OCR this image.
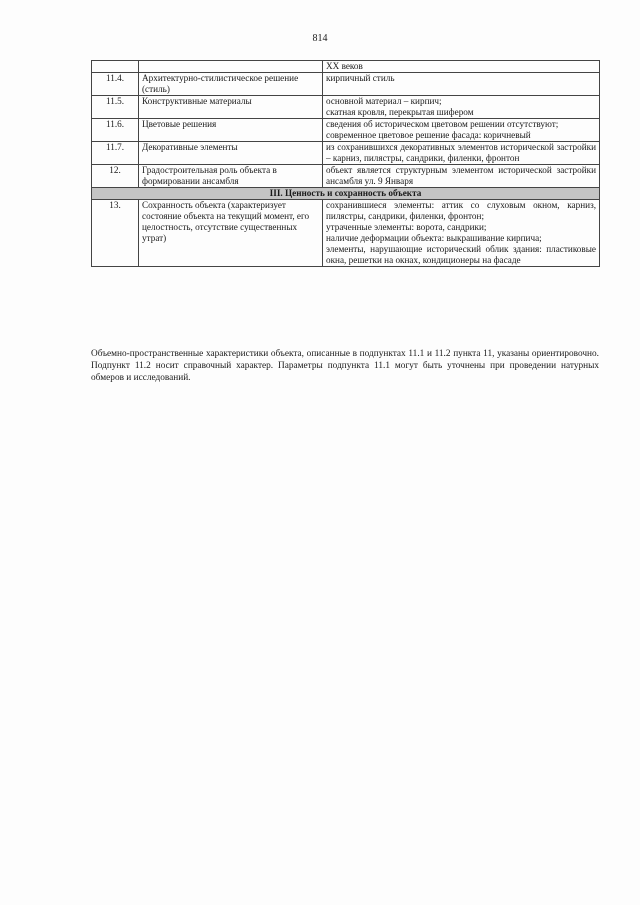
814
		XX веков
11.4.	Архитектурно-стилистическое решение (стиль)	кирпичный стиль

11.5.	Конструктивные материалы	основной материал – кирпич;
скатная кровля, перекрытая шифером

11.6.	Цветовые решения	сведения об историческом цветовом решении отсутствуют;
современное цветовое решение фасада: коричневый

11.7.	Декоративные элементы	из сохранившихся декоративных элементов исторической застройки – карниз, пилястры, сандрики, филенки, фронтон

12.	Градостроительная роль объекта в формировании ансамбля	объект является структурным элементом исторической застройки ансамбля ул. 9 Января

III. Ценность и сохранность объекта		
13.	Сохранность объекта (характеризует состояние объекта на текущий момент, его целостность, отсутствие существенных утрат)	сохранившиеся элементы: аттик со слуховым окном, карниз, пилястры, сандрики, филенки, фронтон;
утраченные элементы: ворота, сандрики;
наличие деформации объекта: выкрашивание кирпича;
элементы, нарушающие исторический облик здания: пластиковые окна, решетки на окнах, кондиционеры на фасаде

Объемно-пространственные характеристики объекта, описанные в подпунктах 11.1 и 11.2 пункта 11, указаны ориентировочно. Подпункт 11.2 носит справочный характер. Параметры подпункта 11.1 могут быть уточнены при проведении натурных обмеров и исследований.
